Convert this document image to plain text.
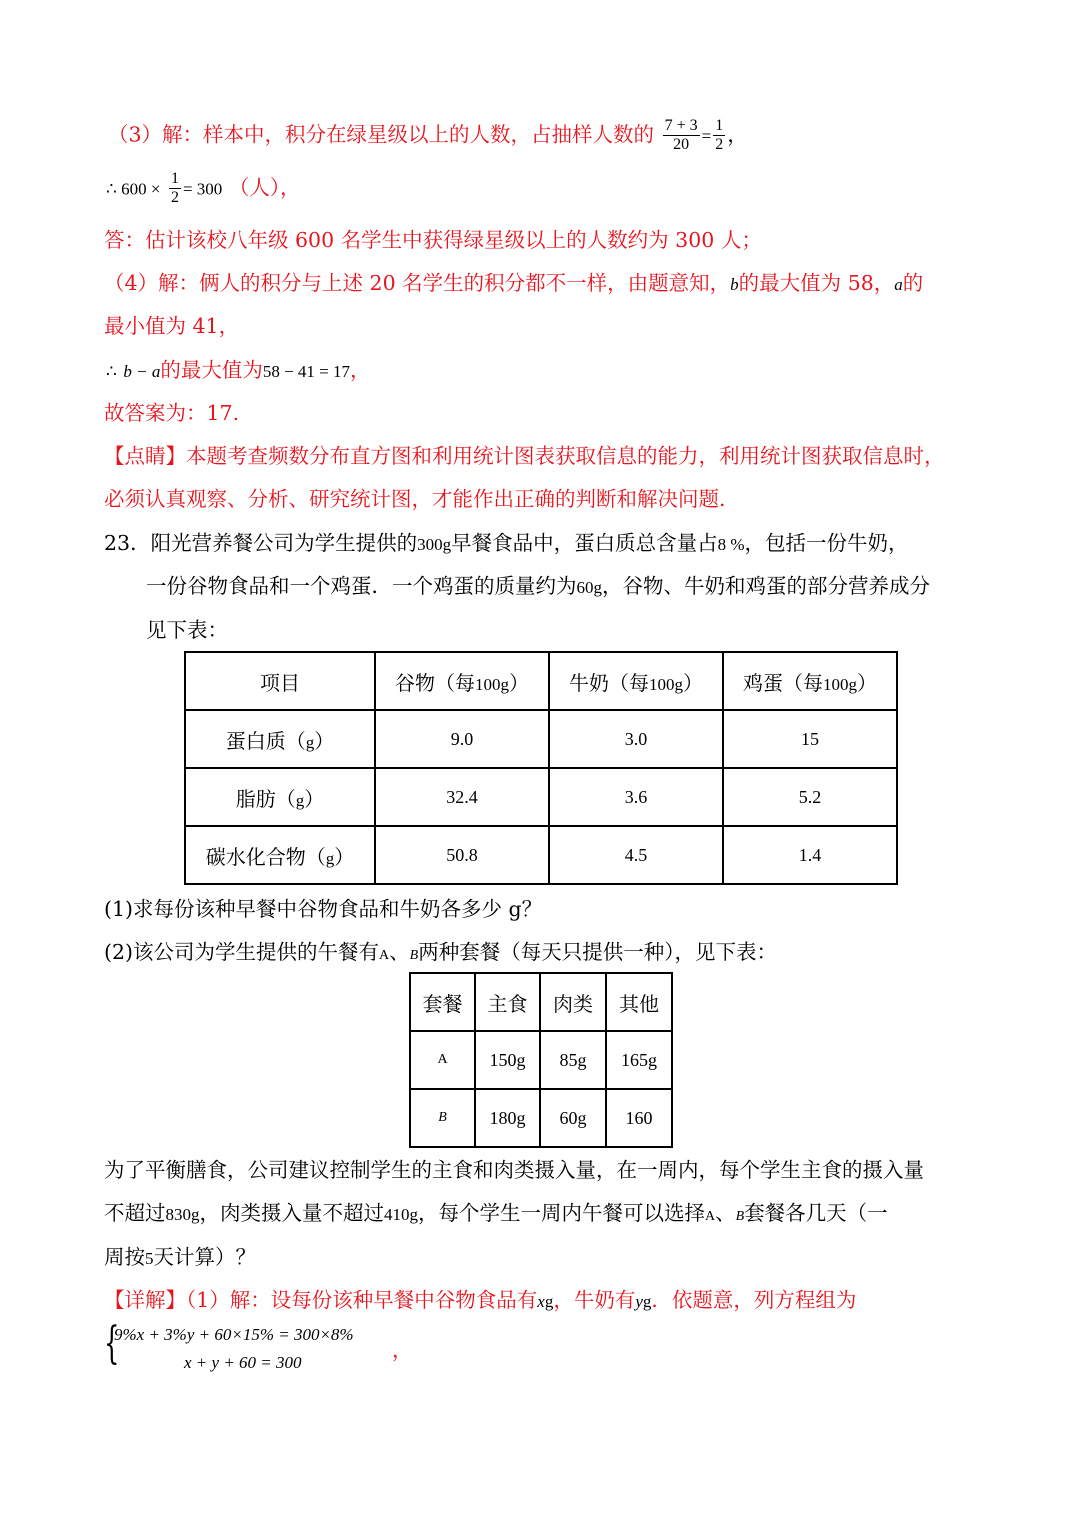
（3）解：样本中，积分在绿星级以上的人数，占抽样人数的 $\frac{7 + 3}{20} = \frac{1}{2}$ ，
∴ $600 \times \frac{1}{2} = 300$ （人），
答：估计该校八年级 600 名学生中获得绿星级以上的人数约为 300 人；
（4）解：俩人的积分与上述 20 名学生的积分都不一样，由题意知，b的最大值为 58，a的
最小值为 41，
∴ b − a的最大值为58 − 41 = 17，
故答案为：17.
【点睛】本题考查频数分布直方图和利用统计图表获取信息的能力，利用统计图获取信息时，
必须认真观察、分析、研究统计图，才能作出正确的判断和解决问题.
23．阳光营养餐公司为学生提供的300g早餐食品中，蛋白质总含量占8 %，包括一份牛奶，
一份谷物食品和一个鸡蛋．一个鸡蛋的质量约为60g，谷物、牛奶和鸡蛋的部分营养成分
见下表：
项目	谷物（每100g）	牛奶（每100g）	鸡蛋（每100g）
蛋白质（g）	9.0	3.0	15
脂肪（g）	32.4	3.6	5.2
碳水化合物（g）	50.8	4.5	1.4
(1)求每份该种早餐中谷物食品和牛奶各多少 g？
(2)该公司为学生提供的午餐有A、B两种套餐（每天只提供一种），见下表：
套餐	主食	肉类	其他
A	150g	85g	165g
B	180g	60g	160
为了平衡膳食，公司建议控制学生的主食和肉类摄入量，在一周内，每个学生主食的摄入量
不超过830g，肉类摄入量不超过410g，每个学生一周内午餐可以选择A、B套餐各几天（一
周按5天计算）？
【详解】（1）解：设每份该种早餐中谷物食品有xg，牛奶有yg．依题意，列方程组为
{
9%x + 3%y + 60×15% = 300×8%
x + y + 60 = 300
，
